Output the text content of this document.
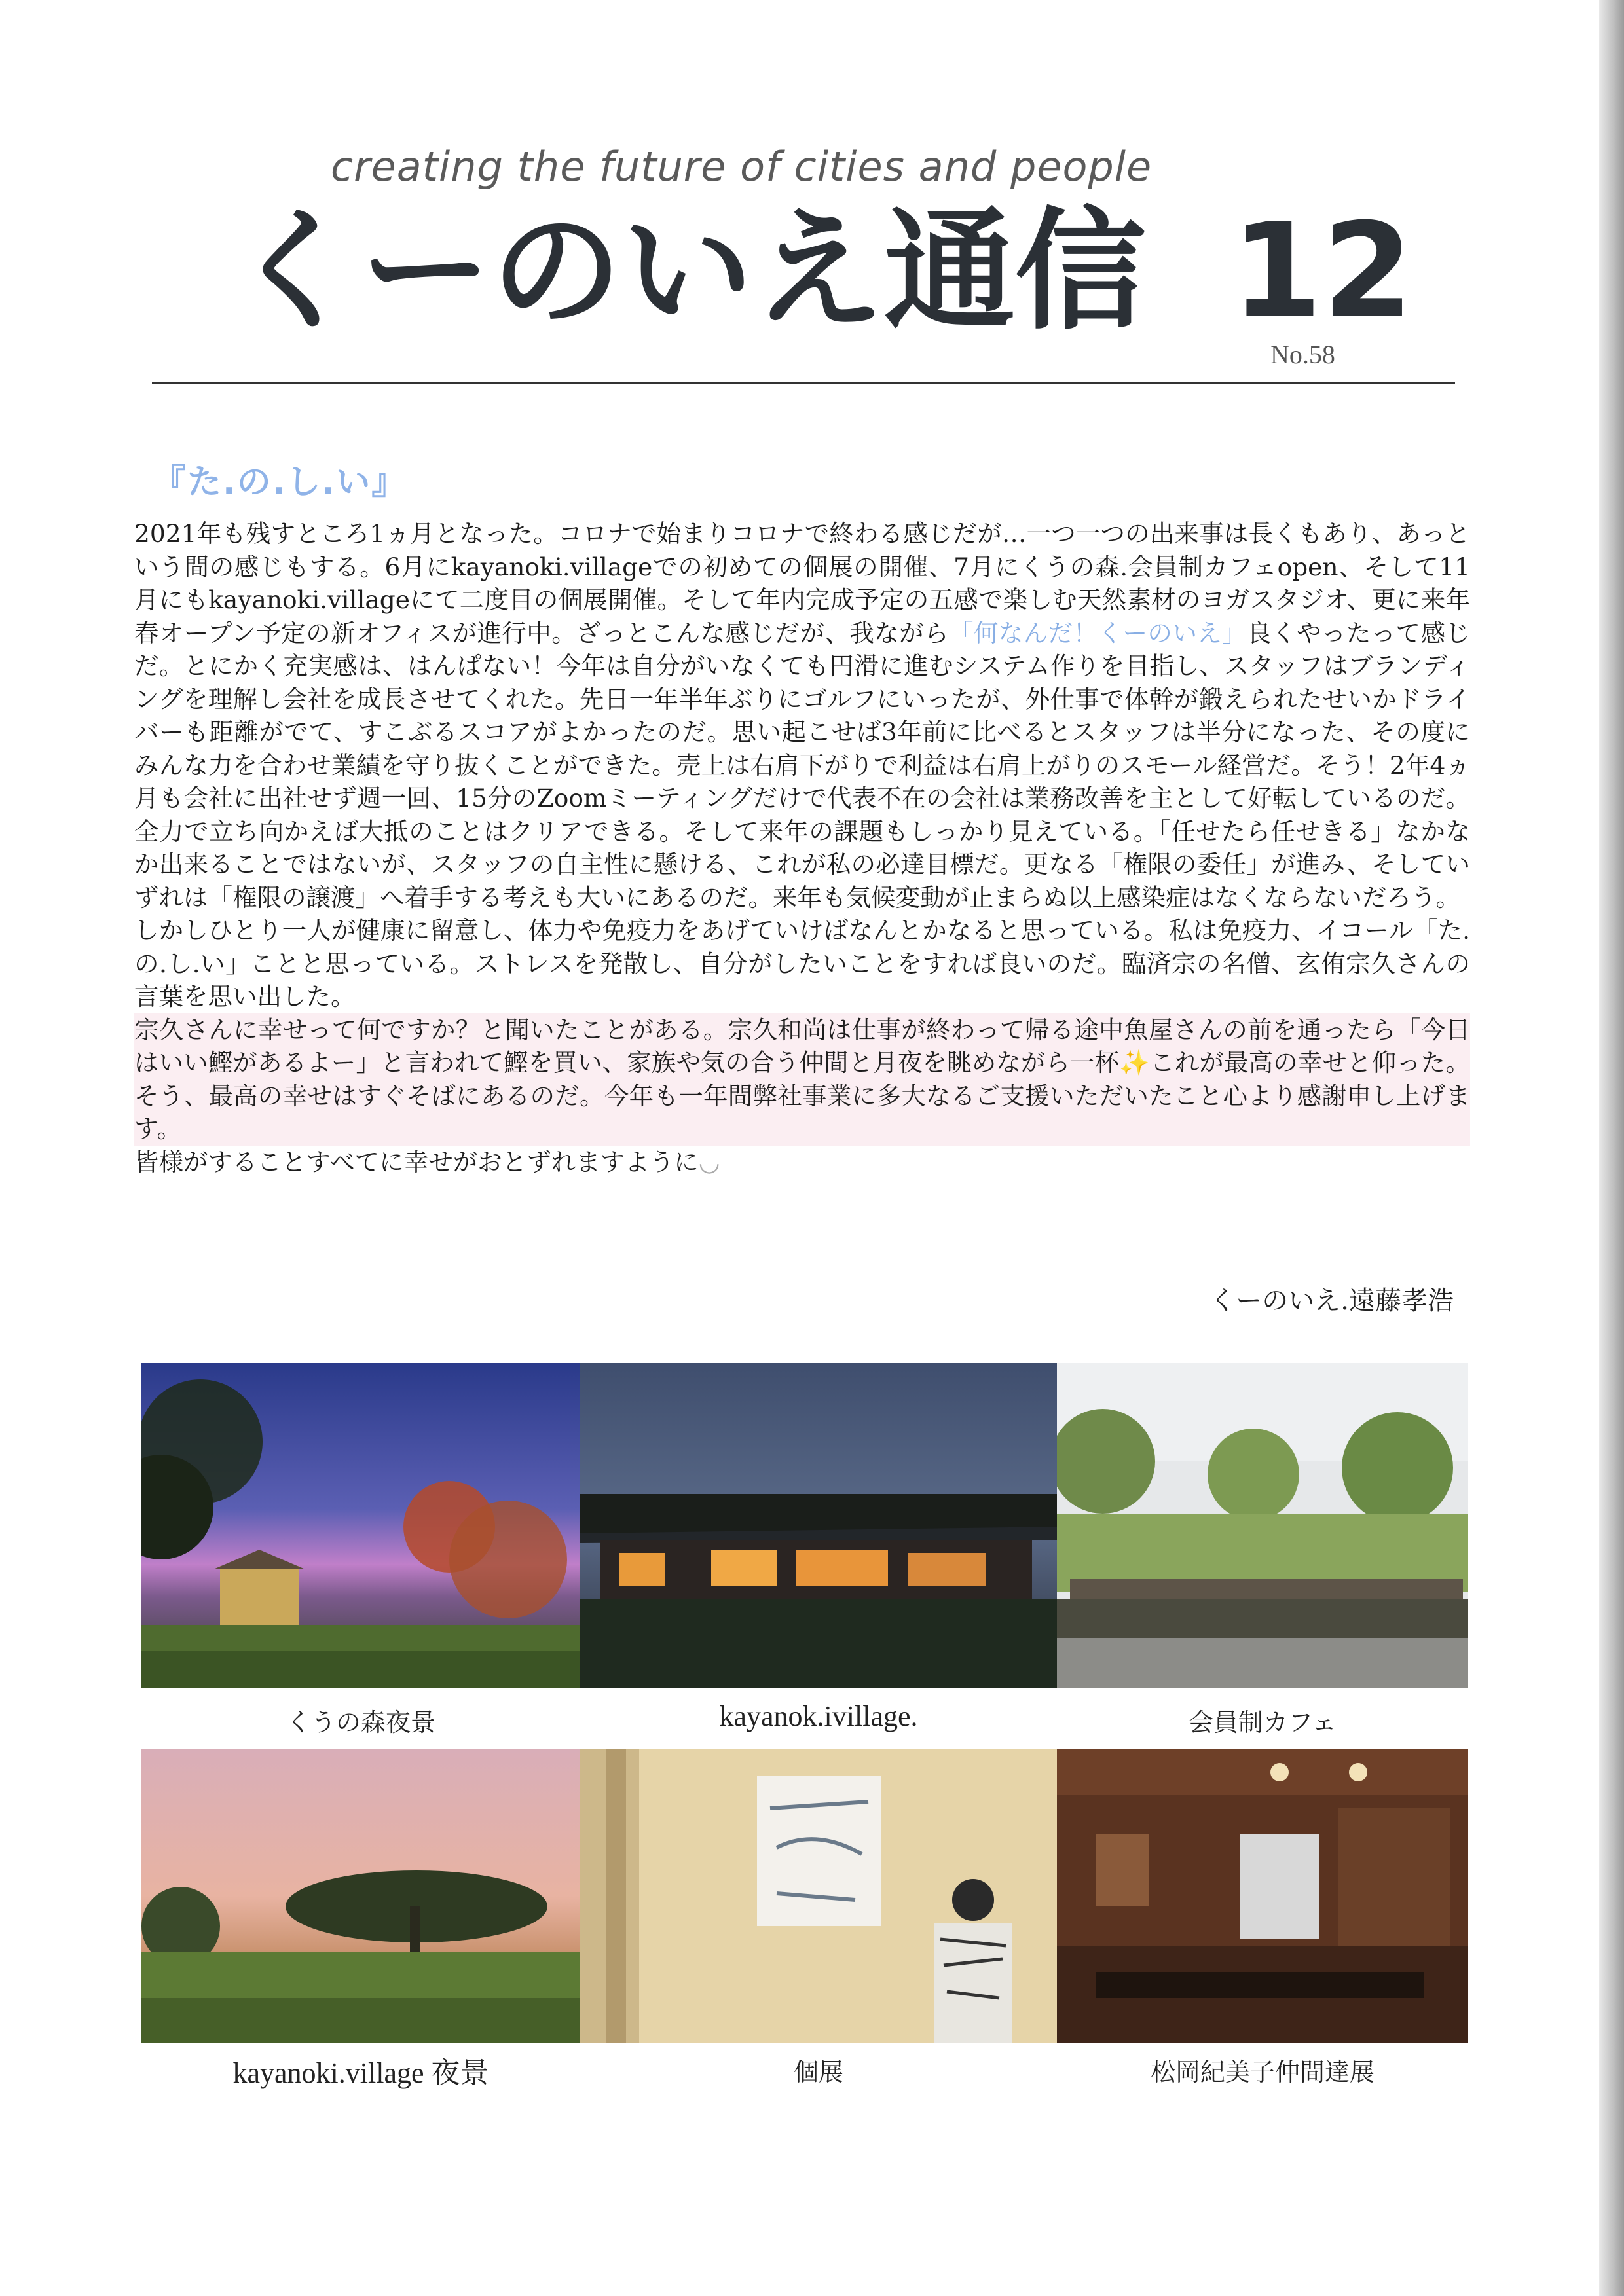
creating the future of cities and people
くーのいえ通信 12
No.58
『た.の.し.い』

2021年も残すところ1ヵ月となった。コロナで始まりコロナで終わる感じだが…一つ一つの出来事は長くもあり、あっという間の感じもする。6月にkayanoki.villageでの初めての個展の開催、7月にくうの森.会員制カフェopen、そして11月にもkayanoki.villageにて二度目の個展開催。そして年内完成予定の五感で楽しむ天然素材のヨガスタジオ、更に来年春オープン予定の新オフィスが進行中。ざっとこんな感じだが、我ながら「何なんだ！くーのいえ」良くやったって感じだ。とにかく充実感は、はんぱない！今年は自分がいなくても円滑に進むシステム作りを目指し、スタッフはブランディングを理解し会社を成長させてくれた。先日一年半年ぶりにゴルフにいったが、外仕事で体幹が鍛えられたせいかドライバーも距離がでて、すこぶるスコアがよかったのだ。思い起こせば3年前に比べるとスタッフは半分になった、その度にみんな力を合わせ業績を守り抜くことができた。売上は右肩下がりで利益は右肩上がりのスモール経営だ。そう！2年4ヵ月も会社に出社せず週一回、15分のZoomミーティングだけで代表不在の会社は業務改善を主として好転しているのだ。全力で立ち向かえば大抵のことはクリアできる。そして来年の課題もしっかり見えている。「任せたら任せきる」なかなか出来ることではないが、スタッフの自主性に懸ける、これが私の必達目標だ。更なる「権限の委任」が進み、そしていずれは「権限の譲渡」へ着手する考えも大いにあるのだ。来年も気候変動が止まらぬ以上感染症はなくならないだろう。

しかしひとり一人が健康に留意し、体力や免疫力をあげていけばなんとかなると思っている。私は免疫力、イコール「た.の.し.い」ことと思っている。ストレスを発散し、自分がしたいことをすれば良いのだ。臨済宗の名僧、玄侑宗久さんの言葉を思い出した。

宗久さんに幸せって何ですか？と聞いたことがある。宗久和尚は仕事が終わって帰る途中魚屋さんの前を通ったら「今日はいい鰹があるよー」と言われて鰹を買い、家族や気の合う仲間と月夜を眺めながら一杯✨これが最高の幸せと仰った。そう、最高の幸せはすぐそばにあるのだ。今年も一年間弊社事業に多大なるご支援いただいたこと心より感謝申し上げます。

皆様がすることすべてに幸せがおとずれますように◡

くーのいえ.遠藤孝浩
くうの森夜景	kayanok.ivillage.	会員制カフェ
kayanoki.village 夜景	個展	松岡紀美子仲間達展
